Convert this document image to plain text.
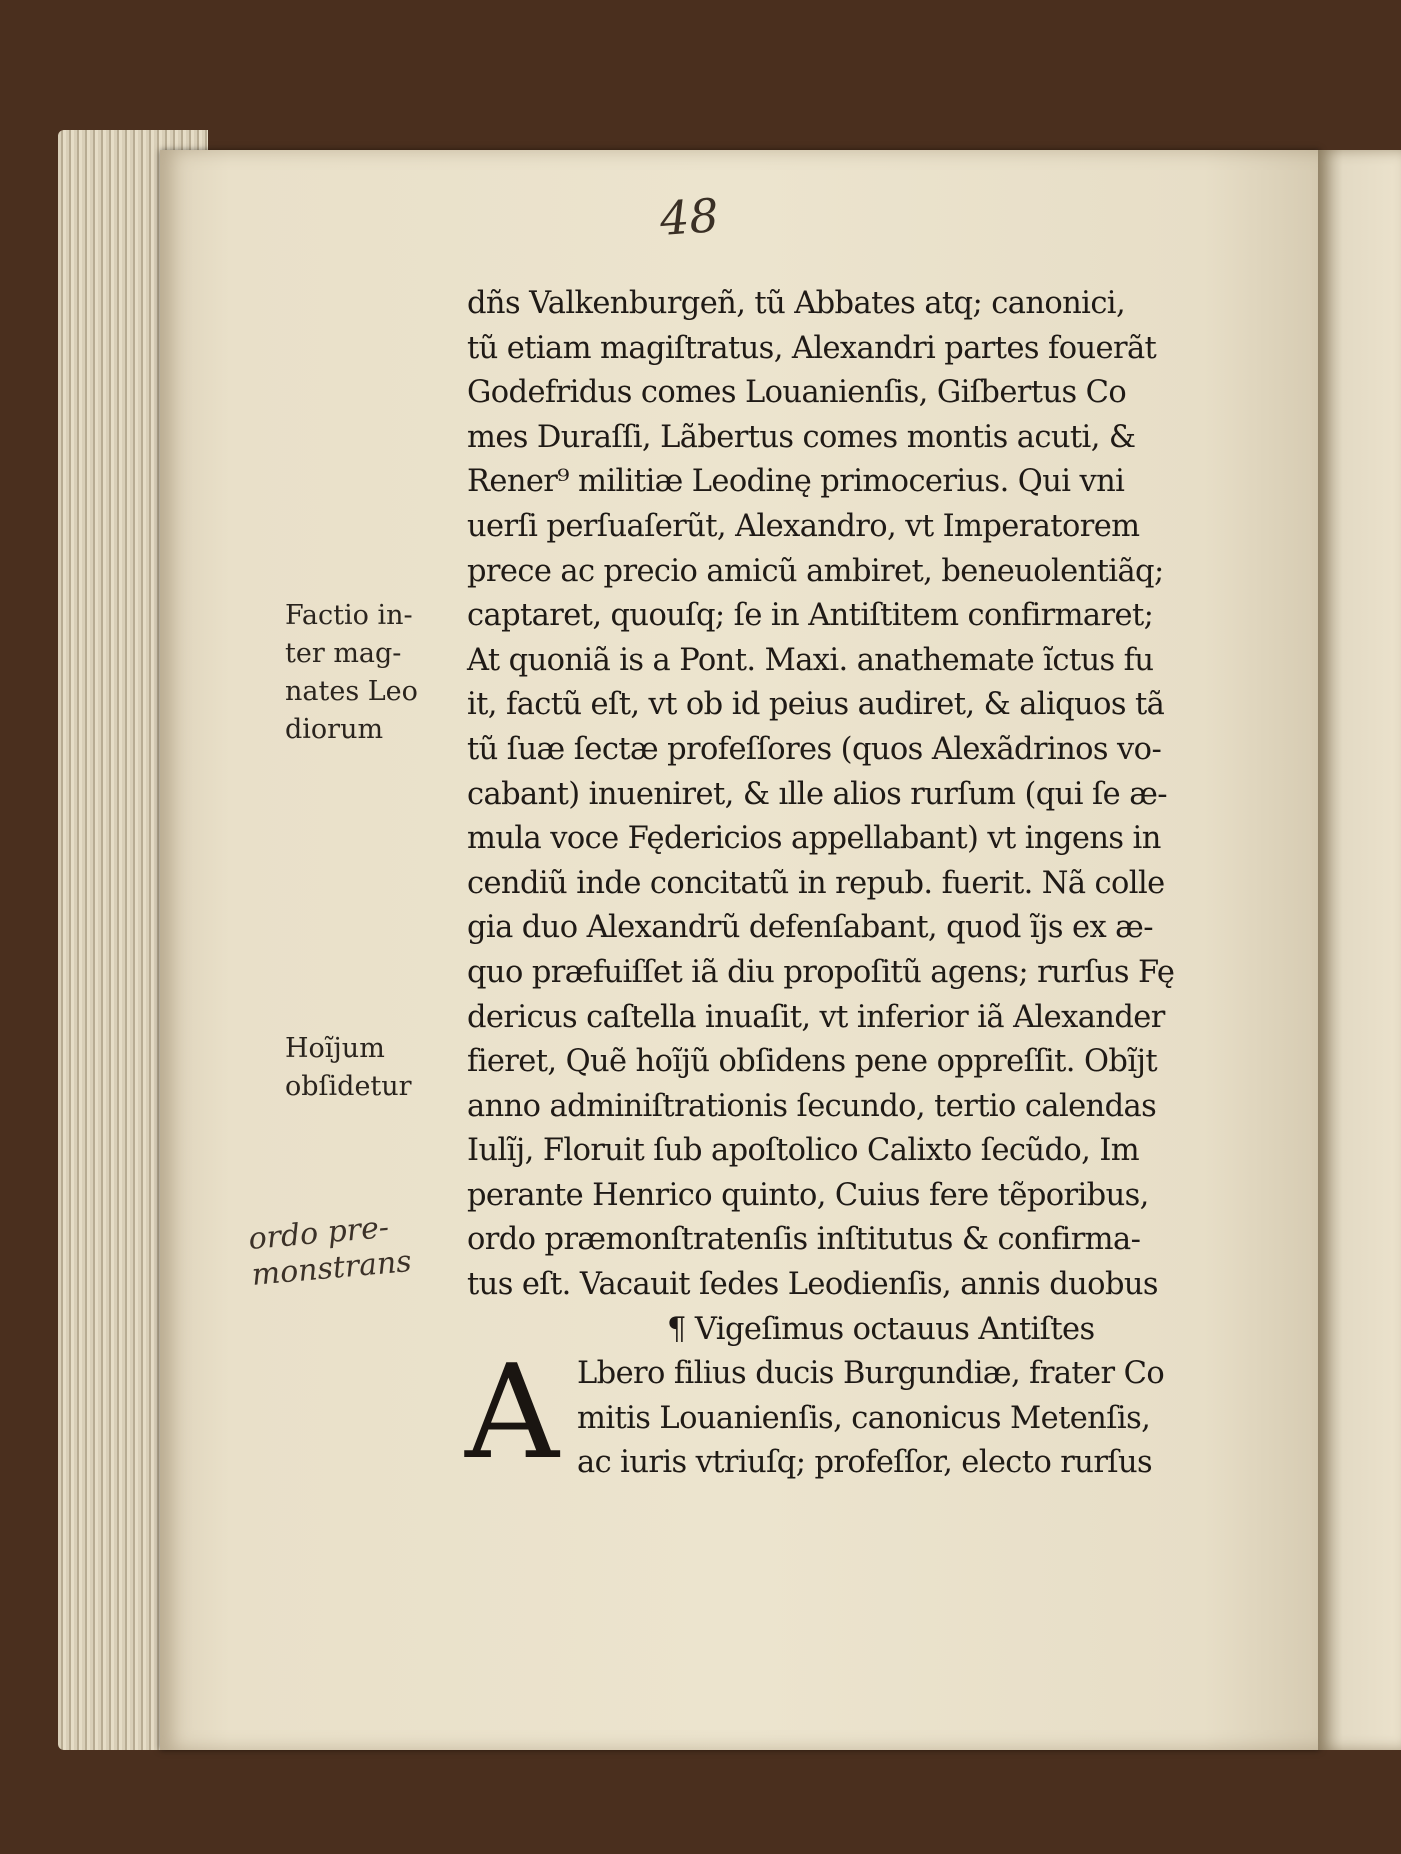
48
Factio in-
ter mag-
nates Leo
diorum
Hoĩjum
obſidetur
ordo pre-
monstrans
dñs Valkenburgeñ, tũ Abbates atq; canonici,
tũ etiam magiſtratus, Alexandri partes fouerãt
Godefridus comes Louanienſis, Giſbertus Co
mes Duraſſi, Lãbertus comes montis acuti, &
Rener⁹ militiæ Leodinę primocerius. Qui vni
uerſi perſuaſerũt, Alexandro, vt Imperatorem
prece ac precio amicũ ambiret, beneuolentiãq;
captaret, quouſq; ſe in Antiſtitem confirmaret;
At quoniã is a Pont. Maxi. anathemate ĩctus fu
it, factũ eſt, vt ob id peius audiret, & aliquos tã
tũ ſuæ ſectæ profeſſores (quos Alexãdrinos vo-
cabant) inueniret, & ılle alios rurſum (qui ſe æ-
mula voce Fędericios appellabant) vt ingens in
cendiũ inde concitatũ in repub. fuerit. Nã colle
gia duo Alexandrũ defenſabant, quod ĩjs ex æ-
quo præfuiſſet iã diu propoſitũ agens; rurſus Fę
dericus caſtella inuaſit, vt inferior iã Alexander
fieret, Quẽ hoĩjũ obſidens pene oppreſſit. Obĩjt
anno adminiſtrationis ſecundo, tertio calendas
Iulĩj, Floruit ſub apoſtolico Calixto ſecũdo, Im
perante Henrico quinto, Cuius fere tẽporibus,
ordo præmonſtratenſis inſtitutus & confirma-
tus eſt. Vacauit ſedes Leodienſis, annis duobus
¶ Vigeſimus octauus Antiſtes
A Lbero filius ducis Burgundiæ, frater Co
mitis Louanienſis, canonicus Metenſis,
ac iuris vtriuſq; profeſſor, electo rurſus
